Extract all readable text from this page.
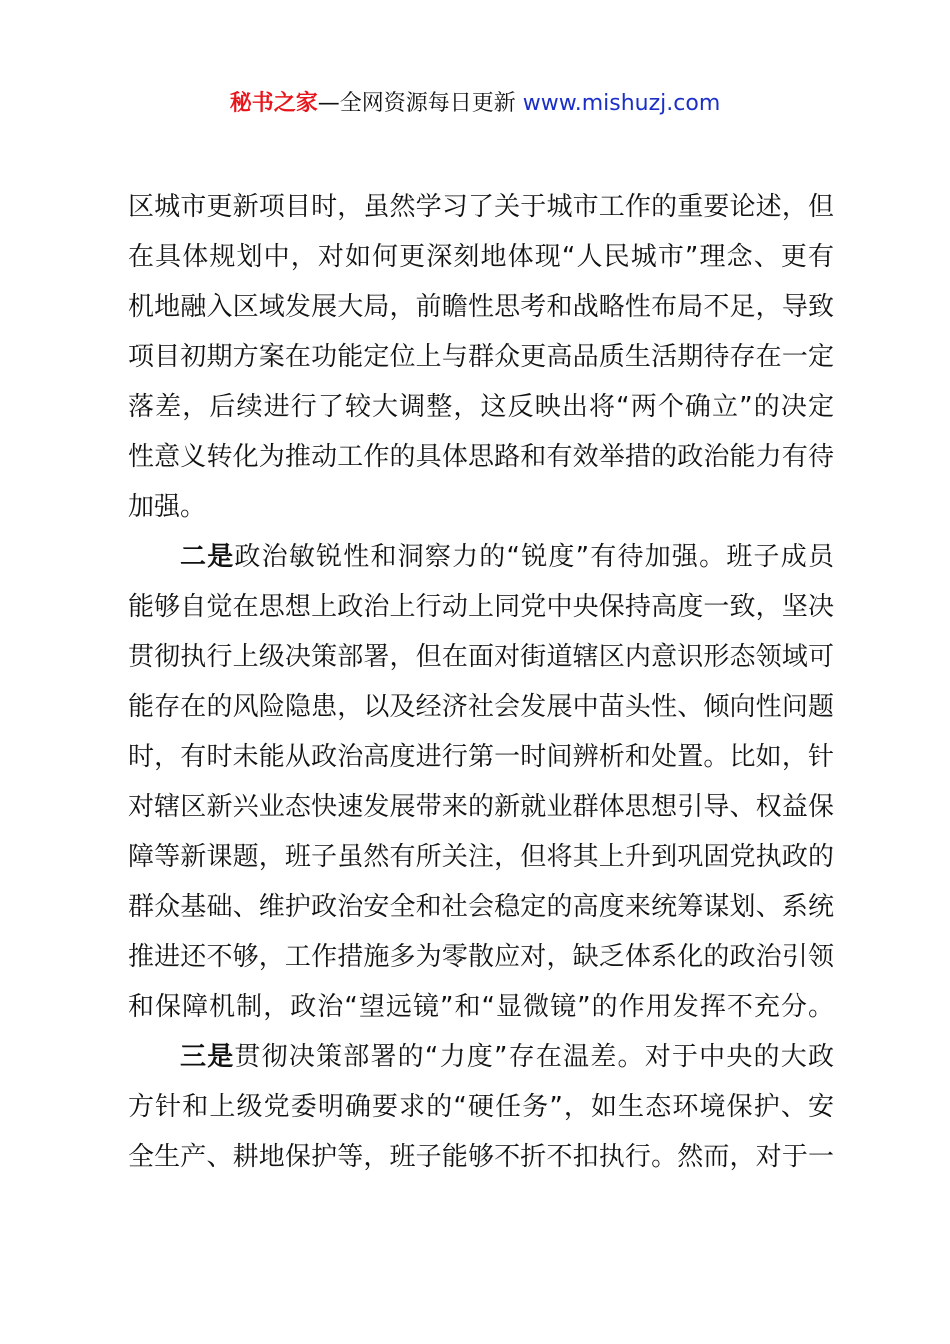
秘书之家—全网资源每日更新 www.mishuzj.com
区城市更新项目时，虽然学习了关于城市工作的重要论述，但
在具体规划中，对如何更深刻地体现“人民城市”理念、更有
机地融入区域发展大局，前瞻性思考和战略性布局不足，导致
项目初期方案在功能定位上与群众更高品质生活期待存在一定
落差，后续进行了较大调整，这反映出将“两个确立”的决定
性意义转化为推动工作的具体思路和有效举措的政治能力有待
加强。
二是政治敏锐性和洞察力的“锐度”有待加强。班子成员
能够自觉在思想上政治上行动上同党中央保持高度一致，坚决
贯彻执行上级决策部署，但在面对街道辖区内意识形态领域可
能存在的风险隐患，以及经济社会发展中苗头性、倾向性问题
时，有时未能从政治高度进行第一时间辨析和处置。比如，针
对辖区新兴业态快速发展带来的新就业群体思想引导、权益保
障等新课题，班子虽然有所关注，但将其上升到巩固党执政的
群众基础、维护政治安全和社会稳定的高度来统筹谋划、系统
推进还不够，工作措施多为零散应对，缺乏体系化的政治引领
和保障机制，政治“望远镜”和“显微镜”的作用发挥不充分。
三是贯彻决策部署的“力度”存在温差。对于中央的大政
方针和上级党委明确要求的“硬任务”，如生态环境保护、安
全生产、耕地保护等，班子能够不折不扣执行。然而，对于一
